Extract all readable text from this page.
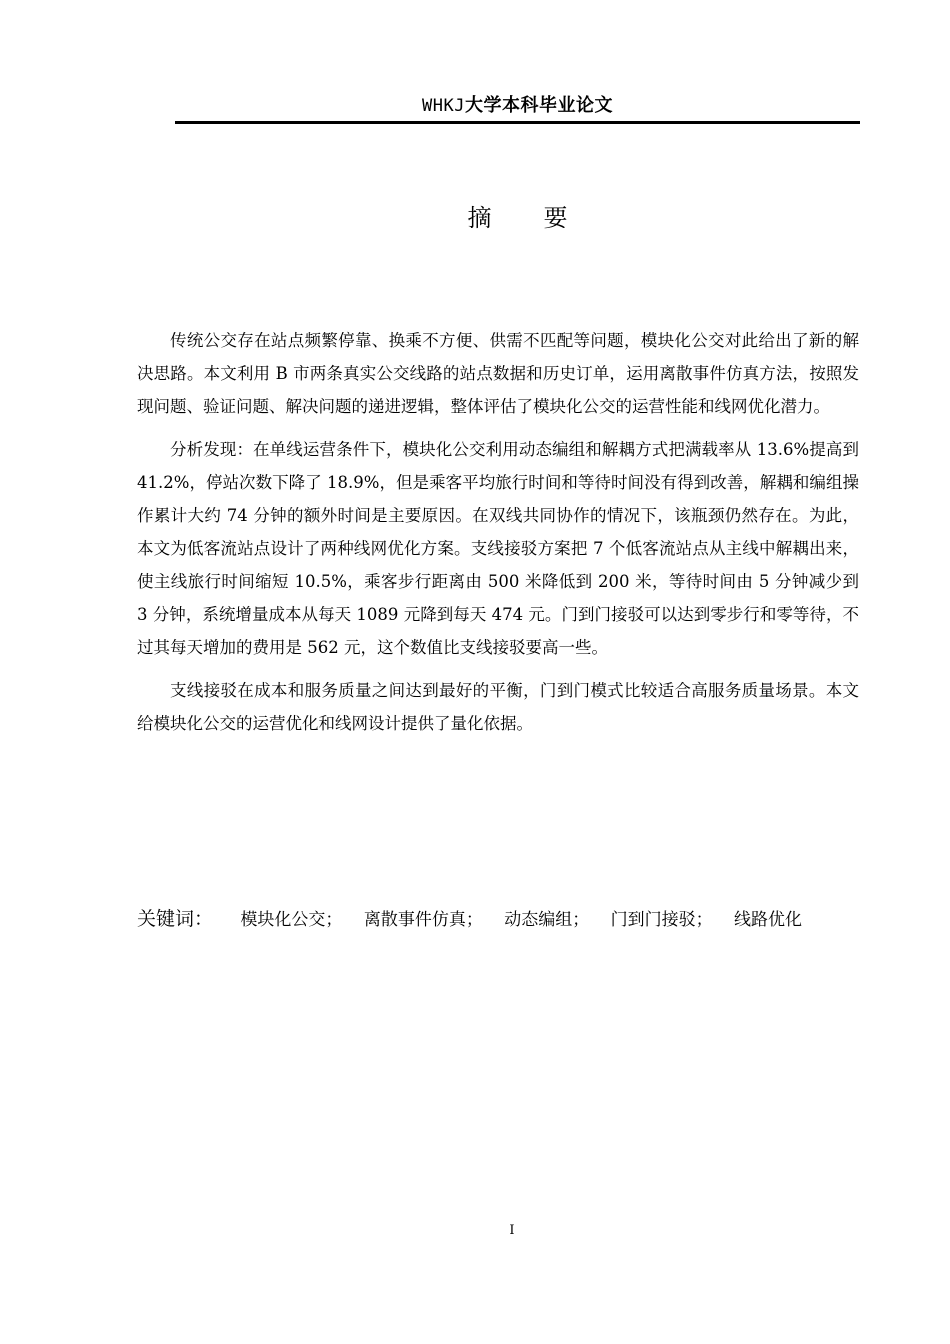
WHKJ大学本科毕业论文
摘要

传统公交存在站点频繁停靠、换乘不方便、供需不匹配等问题，模块化公交对此给出了新的解决思路。本文利用 B 市两条真实公交线路的站点数据和历史订单，运用离散事件仿真方法，按照发现问题、验证问题、解决问题的递进逻辑，整体评估了模块化公交的运营性能和线网优化潜力。

分析发现：在单线运营条件下，模块化公交利用动态编组和解耦方式把满载率从 13.6%提高到 41.2%，停站次数下降了 18.9%，但是乘客平均旅行时间和等待时间没有得到改善，解耦和编组操作累计大约 74 分钟的额外时间是主要原因。在双线共同协作的情况下，该瓶颈仍然存在。为此，本文为低客流站点设计了两种线网优化方案。支线接驳方案把 7 个低客流站点从主线中解耦出来，使主线旅行时间缩短 10.5%，乘客步行距离由 500 米降低到 200 米，等待时间由 5 分钟减少到 3 分钟，系统增量成本从每天 1089 元降到每天 474 元。门到门接驳可以达到零步行和零等待，不过其每天增加的费用是 562 元，这个数值比支线接驳要高一些。

支线接驳在成本和服务质量之间达到最好的平衡，门到门模式比较适合高服务质量场景。本文给模块化公交的运营优化和线网设计提供了量化依据。

关键词： 模块化公交； 离散事件仿真； 动态编组； 门到门接驳； 线路优化
I
